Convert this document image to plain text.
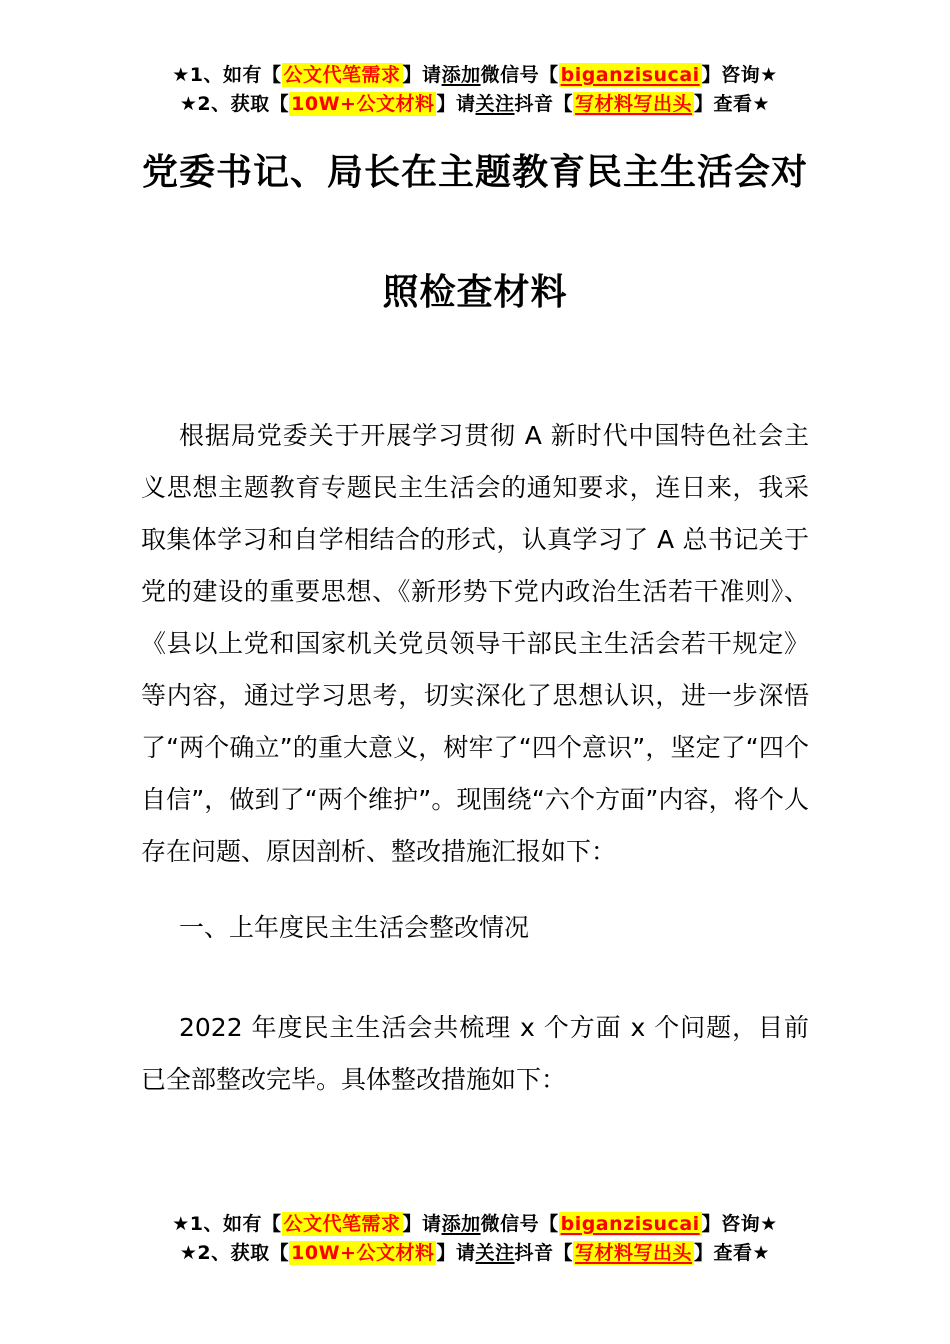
★1、如有【 公文代笔需求 】请添加微信号【 biganzisucai 】咨询★
★2、获取【 10W+公文材料 】请关注抖音【 写材料写出头 】查看★
党委书记、局长在主题教育民主生活会对
照检查材料

根据局党委关于开展学习贯彻 A 新时代中国特色社会主义思想主题教育专题民主生活会的通知要求，连日来，我采取集体学习和自学相结合的形式，认真学习了 A 总书记关于党的建设的重要思想、《新形势下党内政治生活若干准则》、《县以上党和国家机关党员领导干部民主生活会若干规定》等内容，通过学习思考，切实深化了思想认识，进一步深悟了“两个确立”的重大意义，树牢了“四个意识”，坚定了“四个自信”，做到了“两个维护”。现围绕“六个方面”内容，将个人存在问题、原因剖析、整改措施汇报如下：

一、上年度民主生活会整改情况

2022 年度民主生活会共梳理 x 个方面 x 个问题，目前已全部整改完毕。具体整改措施如下：

★1、如有【 公文代笔需求 】请添加微信号【 biganzisucai 】咨询★
★2、获取【 10W+公文材料 】请关注抖音【 写材料写出头 】查看★
